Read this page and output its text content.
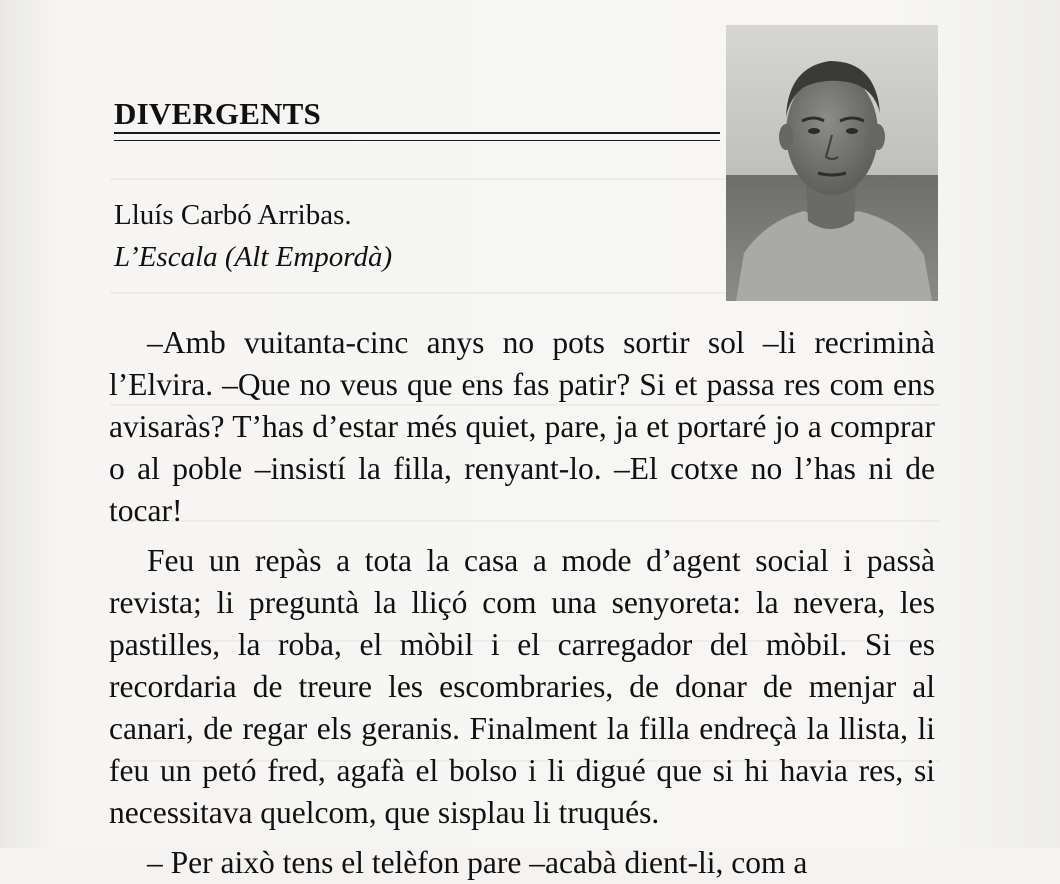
DIVERGENTS
Lluís Carbó Arribas.
L’Escala (Alt Empordà)

–Amb vuitanta-cinc anys no pots sortir sol –li recriminà l’Elvira. –Que no veus que ens fas patir? Si et passa res com ens avisaràs? T’has d’estar més quiet, pare, ja et portaré jo a comprar o al poble –insistí la filla, renyant-lo. –El cotxe no l’has ni de tocar!

Feu un repàs a tota la casa a mode d’agent social i passà revista; li preguntà la lliçó com una senyoreta: la nevera, les pastilles, la roba, el mòbil i el carregador del mòbil. Si es recordaria de treure les escombraries, de donar de menjar al canari, de regar els geranis. Finalment la filla endreçà la llista, li feu un petó fred, agafà el bolso i li digué que si hi havia res, si necessitava quelcom, que sisplau li truqués.

– Per això tens el telèfon pare –acabà dient-li, com a
